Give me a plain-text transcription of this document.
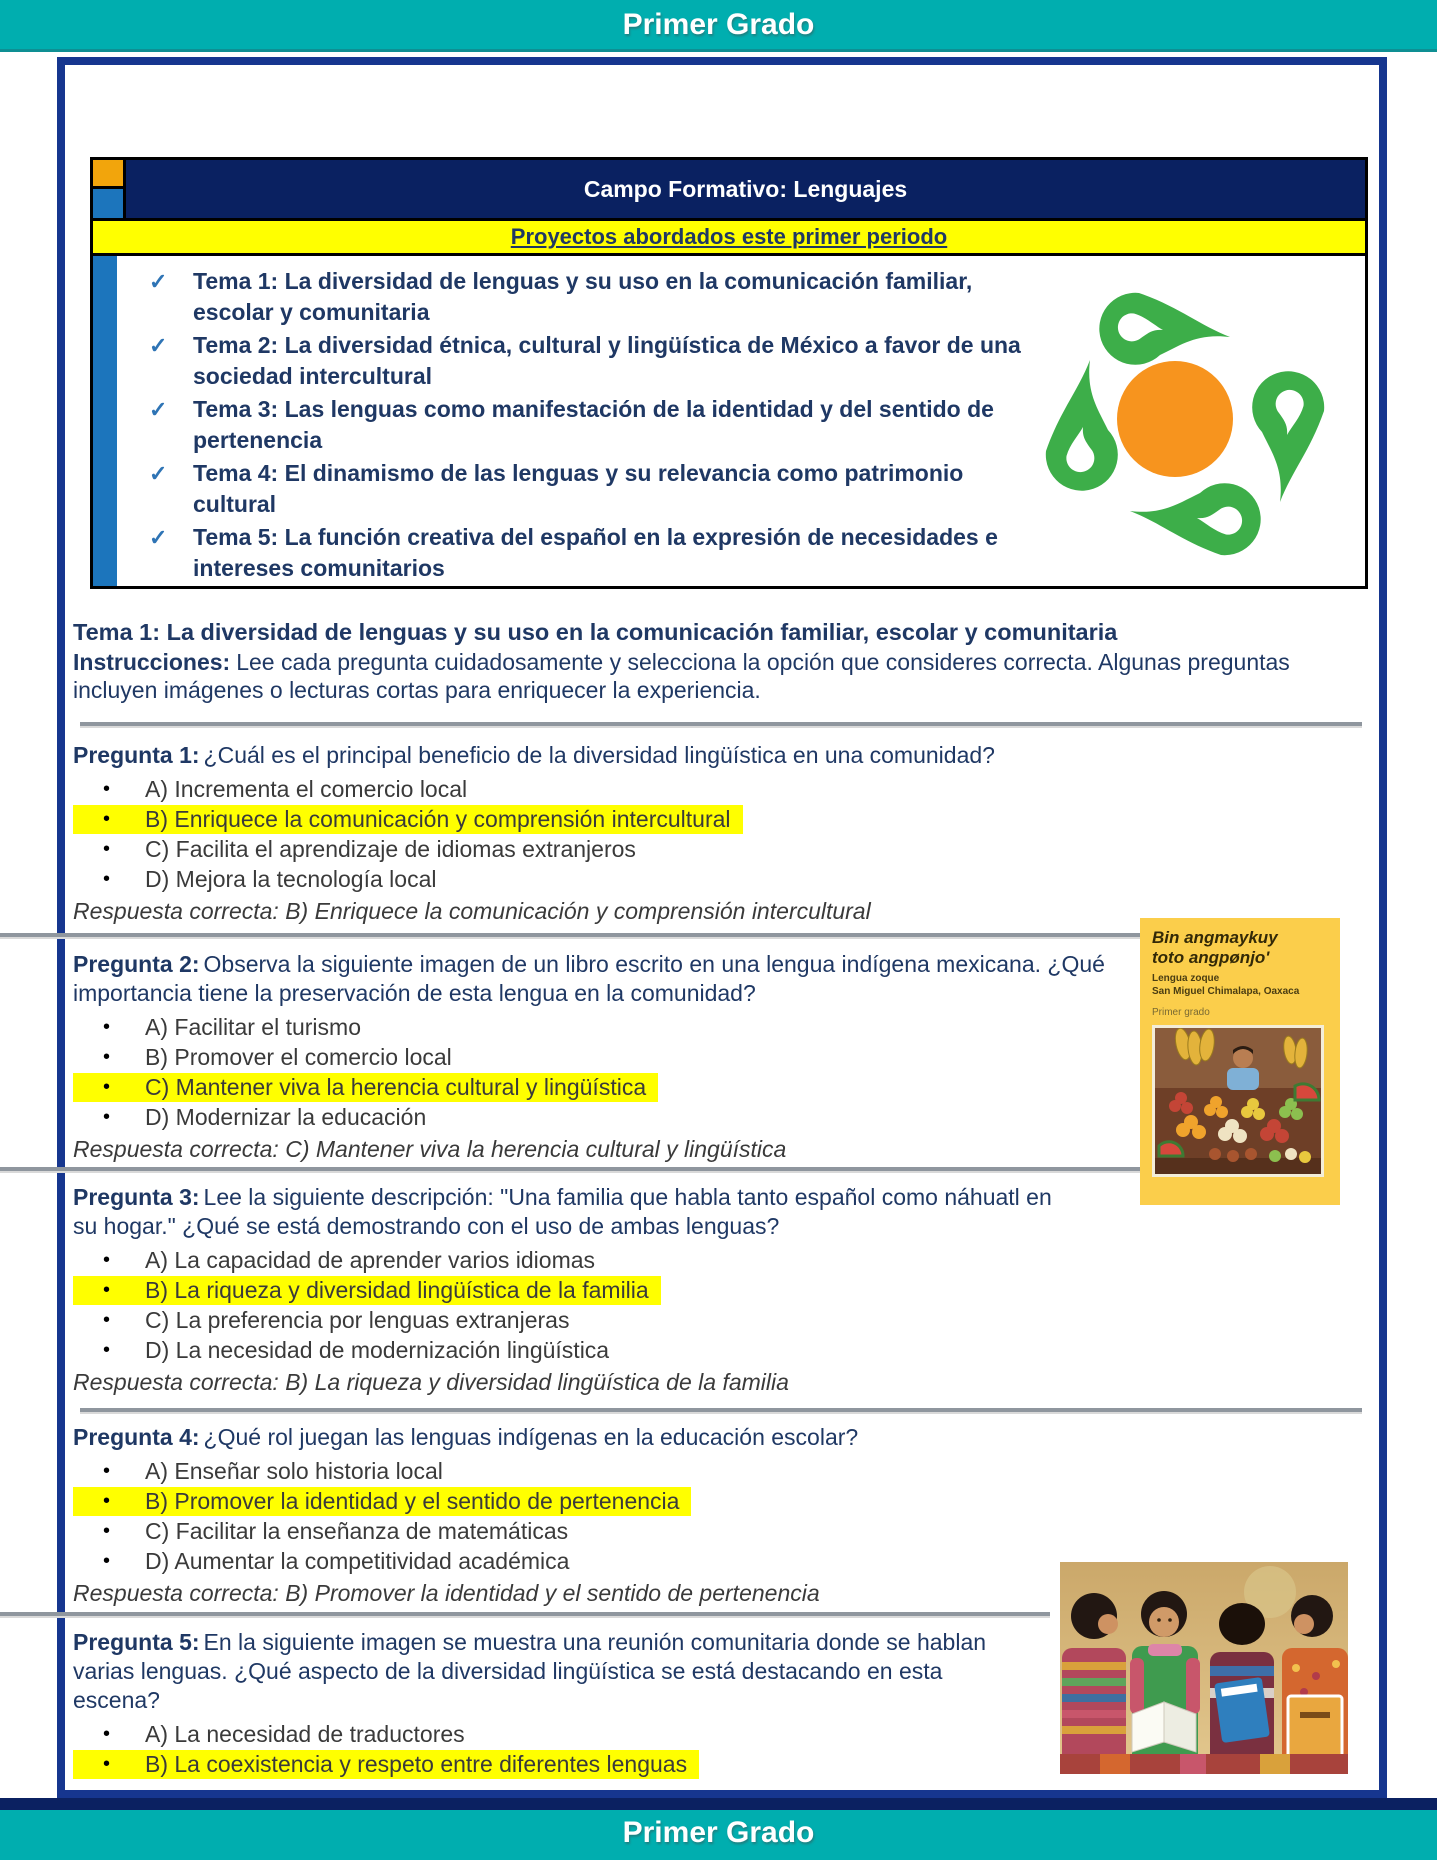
Primer Grado
Campo Formativo: Lenguajes
Proyectos abordados este primer periodo
✓ Tema 1: La diversidad de lenguas y su uso en la comunicación familiar, escolar y comunitaria
✓ Tema 2: La diversidad étnica, cultural y lingüística de México a favor de una sociedad intercultural
✓ Tema 3: Las lenguas como manifestación de la identidad y del sentido de pertenencia
✓ Tema 4: El dinamismo de las lenguas y su relevancia como patrimonio cultural
✓ Tema 5: La función creativa del español en la expresión de necesidades e intereses comunitarios
Tema 1: La diversidad de lenguas y su uso en la comunicación familiar, escolar y comunitaria
Instrucciones: Lee cada pregunta cuidadosamente y selecciona la opción que consideres correcta. Algunas preguntas incluyen imágenes o lecturas cortas para enriquecer la experiencia.
Bin angmaykuy
toto angpønjo'
Lengua zoque
San Miguel Chimalapa, Oaxaca
Primer grado

Pregunta 1: ¿Cuál es el principal beneficio de la diversidad lingüística en una comunidad?

•	A) Incrementa el comercio local
•	B) Enriquece la comunicación y comprensión intercultural
•	C) Facilita el aprendizaje de idiomas extranjeros
•	D) Mejora la tecnología local

Respuesta correcta: B) Enriquece la comunicación y comprensión intercultural

Pregunta 2: Observa la siguiente imagen de un libro escrito en una lengua indígena mexicana. ¿Qué importancia tiene la preservación de esta lengua en la comunidad?

•	A) Facilitar el turismo
•	B) Promover el comercio local
•	C) Mantener viva la herencia cultural y lingüística
•	D) Modernizar la educación

Respuesta correcta: C) Mantener viva la herencia cultural y lingüística

Pregunta 3: Lee la siguiente descripción: "Una familia que habla tanto español como náhuatl en su hogar." ¿Qué se está demostrando con el uso de ambas lenguas?

•	A) La capacidad de aprender varios idiomas
•	B) La riqueza y diversidad lingüística de la familia
•	C) La preferencia por lenguas extranjeras
•	D) La necesidad de modernización lingüística

Respuesta correcta: B) La riqueza y diversidad lingüística de la familia

Pregunta 4: ¿Qué rol juegan las lenguas indígenas en la educación escolar?

•	A) Enseñar solo historia local
•	B) Promover la identidad y el sentido de pertenencia
•	C) Facilitar la enseñanza de matemáticas
•	D) Aumentar la competitividad académica

Respuesta correcta: B) Promover la identidad y el sentido de pertenencia

Pregunta 5: En la siguiente imagen se muestra una reunión comunitaria donde se hablan varias lenguas. ¿Qué aspecto de la diversidad lingüística se está destacando en esta escena?

•	A) La necesidad de traductores
•	B) La coexistencia y respeto entre diferentes lenguas
Primer Grado
